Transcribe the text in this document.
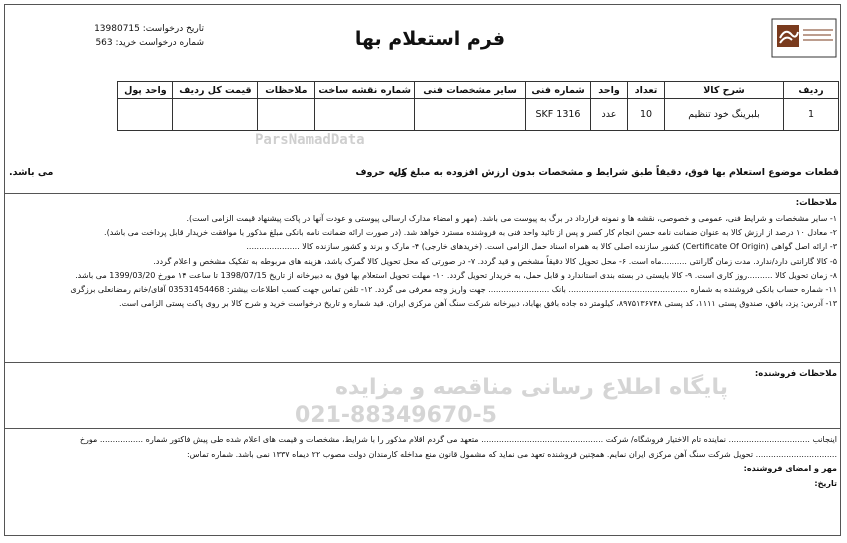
ParsNamadData
پایگاه اطلاع رسانی مناقصه و مزایده
021-88349670-5
تاریخ درخواست: 13980715
شماره درخواست خرید: 563	فرم استعلام بها
ردیف	شرح کالا	تعداد	واحد	شماره فنی	سایر مشخصات فنی	شماره نقشه ساخت	ملاحظات	قیمت کل ردیف	واحد پول
1	بلبرینگ خود تنظیم	10	عدد	SKF 1316					
قطعات موضوع استعلام بها فوق، دقیقاً طبق شرایط و مشخصات بدون ارزش افزوده به مبلغ کل
و به حروف
می باشد.
ملاحظات:
۱- سایر مشخصات و شرایط فنی، عمومی و خصوصی، نقشه ها و نمونه قرارداد در برگ به پیوست می باشد. (مهر و امضاء مدارک ارسالی پیوستی و عودت آنها در پاکت پیشنهاد قیمت الزامی است).
۲- معادل ۱۰ درصد از ارزش کالا به عنوان ضمانت نامه حسن انجام کار کسر و پس از تائید واحد فنی به فروشنده مسترد خواهد شد. (در صورت ارائه ضمانت نامه بانکی مبلغ مذکور با موافقت خریدار قابل پرداخت می باشد).
۳- ارائه اصل گواهی (Certificate Of Origin) کشور سازنده اصلی کالا به همراه اسناد حمل الزامی است. (خریدهای خارجی) ۴- مارک و برند و کشور سازنده کالا .....................
۵- کالا گارانتی دارد/ندارد. مدت زمان گارانتی ..........ماه است. ۶- محل تحویل کالا دقیقاً مشخص و قید گردد. ۷- در صورتی که محل تحویل کالا گمرک باشد، هزینه های مربوطه به تفکیک مشخص و اعلام گردد.
۸- زمان تحویل کالا ..........روز کاری است. ۹- کالا بایستی در بسته بندی استاندارد و قابل حمل، به خریدار تحویل گردد. ۱۰- مهلت تحویل استعلام بها فوق به دبیرخانه از تاریخ 1398/07/15 تا ساعت ۱۴ مورخ 1399/03/20 می باشد.
۱۱- شماره حساب بانکی فروشنده به شماره ............................................... بانک ........................ جهت واریز وجه معرفی می گردد. ۱۲- تلفن تماس جهت کسب اطلاعات بیشتر: 03531454468 آقای/خانم رمضانعلی برزگری
۱۳- آدرس: یزد، بافق، صندوق پستی ۱۱۱۱، کد پستی ۸۹۷۵۱۳۶۷۴۸، کیلومتر ده جاده بافق بهاباد، دبیرخانه شرکت سنگ آهن مرکزی ایران. قید شماره و تاریخ درخواست خرید و شرح کالا بر روی پاکت پستی الزامی است.
ملاحظات فروشنده:
اینجانب ................................ نماینده تام الاختیار فروشگاه/ شرکت ................................................ متعهد می گردم اقلام مذکور را با شرایط، مشخصات و قیمت های اعلام شده طی پیش فاکتور شماره ................. مورخ
................................ تحویل شرکت سنگ آهن مرکزی ایران نمایم. همچنین فروشنده تعهد می نماید که مشمول قانون منع مداخله کارمندان دولت مصوب ۲۲ دیماه ۱۳۳۷ نمی باشد. شماره تماس:
مهر و امضای فروشنده:
تاریخ:
